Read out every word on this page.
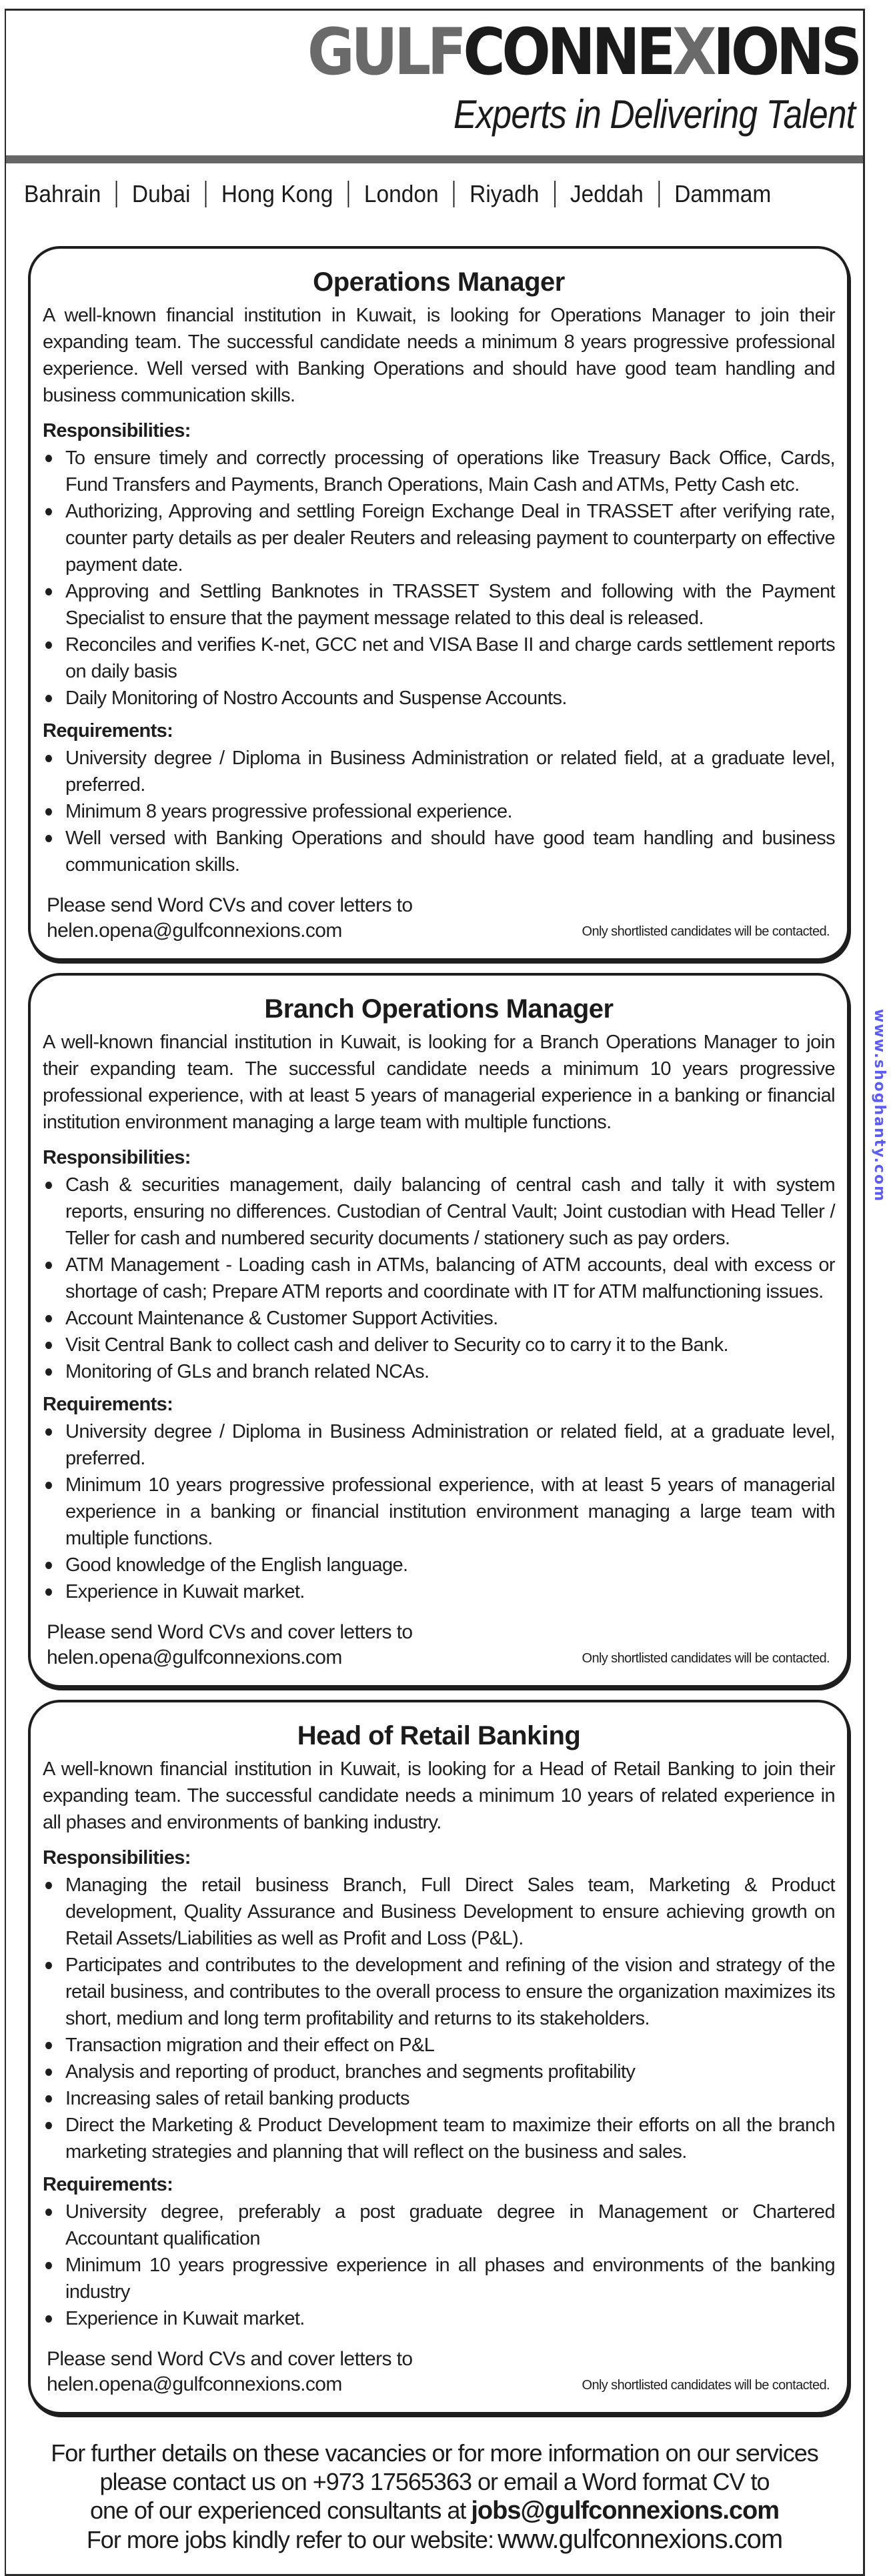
GULFCONNEXIONS
Experts in Delivering Talent
Bahrain Dubai Hong Kong London Riyadh Jeddah Dammam
Operations Manager

A well-known financial institution in Kuwait, is looking for Operations Manager to join their expanding team. The successful candidate needs a minimum 8 years progressive professional experience. Well versed with Banking Operations and should have good team handling and business communication skills.

Responsibilities:
To ensure timely and correctly processing of operations like Treasury Back Office, Cards, Fund Transfers and Payments, Branch Operations, Main Cash and ATMs, Petty Cash etc.
Authorizing, Approving and settling Foreign Exchange Deal in TRASSET after verifying rate, counter party details as per dealer Reuters and releasing payment to counterparty on effective payment date.
Approving and Settling Banknotes in TRASSET System and following with the Payment Specialist to ensure that the payment message related to this deal is released.
Reconciles and verifies K-net, GCC net and VISA Base II and charge cards settlement reports on daily basis
Daily Monitoring of Nostro Accounts and Suspense Accounts.
Requirements:
University degree / Diploma in Business Administration or related field, at a graduate level, preferred.
Minimum 8 years progressive professional experience.
Well versed with Banking Operations and should have good team handling and business communication skills.
Please send Word CVs and cover letters to
helen.opena@gulfconnexions.com	Only shortlisted candidates will be contacted.
Branch Operations Manager

A well-known financial institution in Kuwait, is looking for a Branch Operations Manager to join their expanding team. The successful candidate needs a minimum 10 years progressive professional experience, with at least 5 years of managerial experience in a banking or financial institution environment managing a large team with multiple functions.

Responsibilities:
Cash & securities management, daily balancing of central cash and tally it with system reports, ensuring no differences. Custodian of Central Vault; Joint custodian with Head Teller / Teller for cash and numbered security documents / stationery such as pay orders.
ATM Management - Loading cash in ATMs, balancing of ATM accounts, deal with excess or shortage of cash; Prepare ATM reports and coordinate with IT for ATM malfunctioning issues.
Account Maintenance & Customer Support Activities.
Visit Central Bank to collect cash and deliver to Security co to carry it to the Bank.
Monitoring of GLs and branch related NCAs.
Requirements:
University degree / Diploma in Business Administration or related field, at a graduate level, preferred.
Minimum 10 years progressive professional experience, with at least 5 years of managerial experience in a banking or financial institution environment managing a large team with multiple functions.
Good knowledge of the English language.
Experience in Kuwait market.
Please send Word CVs and cover letters to
helen.opena@gulfconnexions.com	Only shortlisted candidates will be contacted.
Head of Retail Banking

A well-known financial institution in Kuwait, is looking for a Head of Retail Banking to join their expanding team. The successful candidate needs a minimum 10 years of related experience in all phases and environments of banking industry.

Responsibilities:
Managing the retail business Branch, Full Direct Sales team, Marketing & Product development, Quality Assurance and Business Development to ensure achieving growth on Retail Assets/Liabilities as well as Profit and Loss (P&L).
Participates and contributes to the development and refining of the vision and strategy of the retail business, and contributes to the overall process to ensure the organization maximizes its short, medium and long term profitability and returns to its stakeholders.
Transaction migration and their effect on P&L
Analysis and reporting of product, branches and segments profitability
Increasing sales of retail banking products
Direct the Marketing & Product Development team to maximize their efforts on all the branch marketing strategies and planning that will reflect on the business and sales.
Requirements:
University degree, preferably a post graduate degree in Management or Chartered Accountant qualification
Minimum 10 years progressive experience in all phases and environments of the banking industry
Experience in Kuwait market.
Please send Word CVs and cover letters to
helen.opena@gulfconnexions.com	Only shortlisted candidates will be contacted.
For further details on these vacancies or for more information on our services
please contact us on +973 17565363 or email a Word format CV to
one of our experienced consultants at jobs@gulfconnexions.com
For more jobs kindly refer to our website: www.gulfconnexions.com
www.shoghanty.com
